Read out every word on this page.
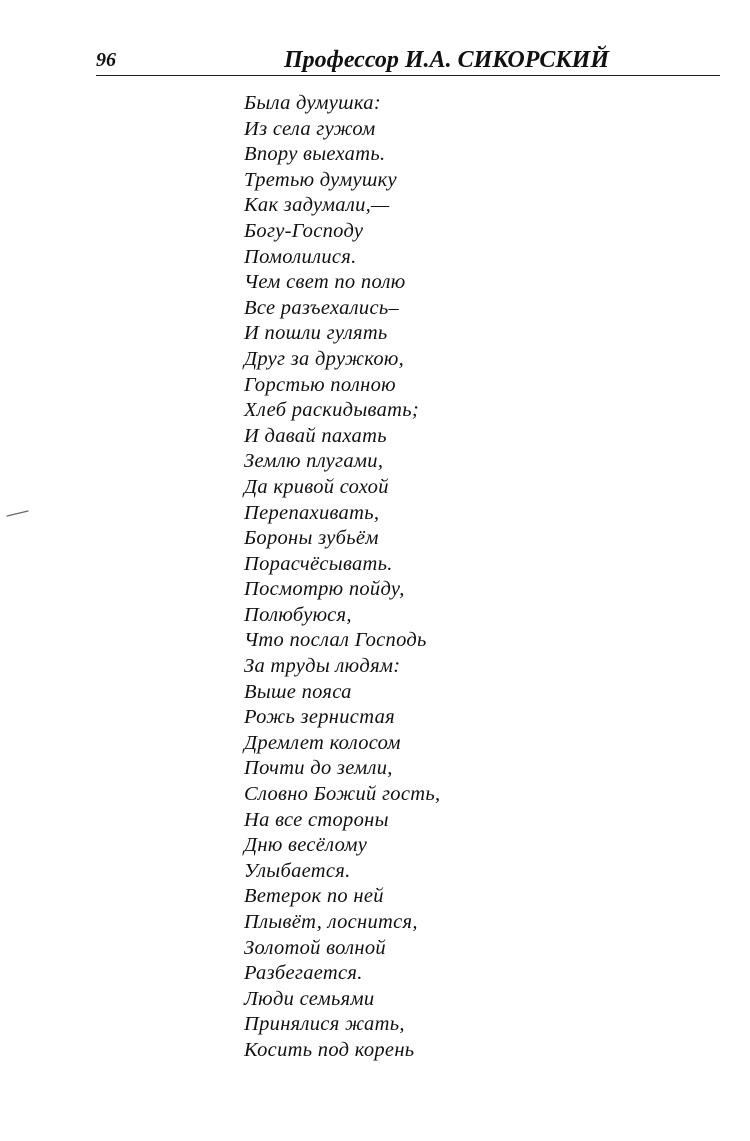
96	Профессор И.А. СИКОРСКИЙ
Была думушка:
Из села гужом
Впору выехать.
Третью думушку
Как задумали,—
Богу-Господу
Помолилися.
Чем свет по полю
Все разъехались–
И пошли гулять
Друг за дружкою,
Горстью полною
Хлеб раскидывать;
И давай пахать
Землю плугами,
Да кривой сохой
Перепахивать,
Бороны зубьём
Порасчёсывать.
Посмотрю пойду,
Полюбуюся,
Что послал Господь
За труды людям:
Выше пояса
Рожь зернистая
Дремлет колосом
Почти до земли,
Словно Божий гость,
На все стороны
Дню весёлому
Улыбается.
Ветерок по ней
Плывёт, лоснится,
Золотой волной
Разбегается.
Люди семьями
Принялися жать,
Косить под корень
